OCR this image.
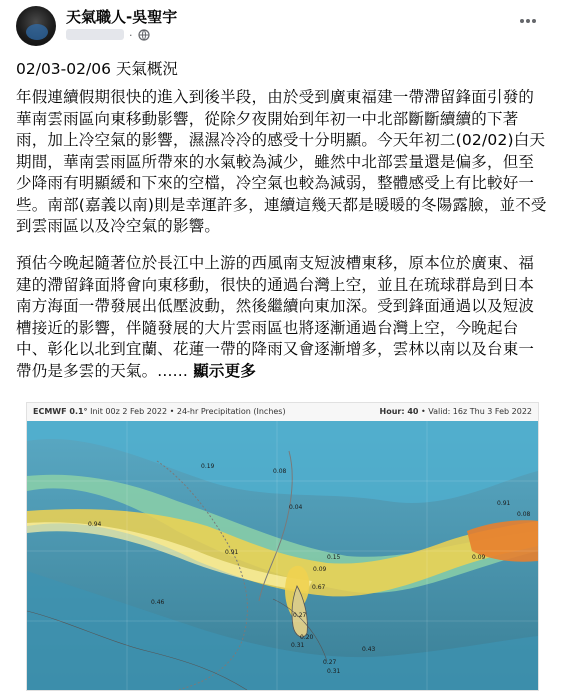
天氣職人-吳聖宇
·
02/03-02/06 天氣概況
年假連續假期很快的進入到後半段，由於受到廣東福建一帶滯留鋒面引發的華南雲雨區向東移動影響，從除夕夜開始到年初一中北部斷斷續續的下著雨，加上冷空氣的影響，濕濕冷冷的感受十分明顯。今天年初二(02/02)白天期間，華南雲雨區所帶來的水氣較為減少，雖然中北部雲量還是偏多，但至少降雨有明顯緩和下來的空檔，冷空氣也較為減弱，整體感受上有比較好一些。南部(嘉義以南)則是幸運許多，連續這幾天都是暖暖的冬陽露臉，並不受到雲雨區以及冷空氣的影響。
預估今晚起隨著位於長江中上游的西風南支短波槽東移，原本位於廣東、福建的滯留鋒面將會向東移動，很快的通過台灣上空，並且在琉球群島到日本南方海面一帶發展出低壓波動，然後繼續向東加深。受到鋒面通過以及短波槽接近的影響，伴隨發展的大片雲雨區也將逐漸通過台灣上空，今晚起台中、彰化以北到宜蘭、花蓮一帶的降雨又會逐漸增多，雲林以南以及台東一帶仍是多雲的天氣。...... 顯示更多
ECMWF 0.1° Init 00z 2 Feb 2022 • 24-hr Precipitation (Inches)	Hour: 40 • Valid: 16z Thu 3 Feb 2022
0.19
0.08
0.04
0.94
0.91
0.15
0.09
0.91
0.08
0.09
0.67
0.27
0.46
0.20
0.27
0.31
0.43
0.31
